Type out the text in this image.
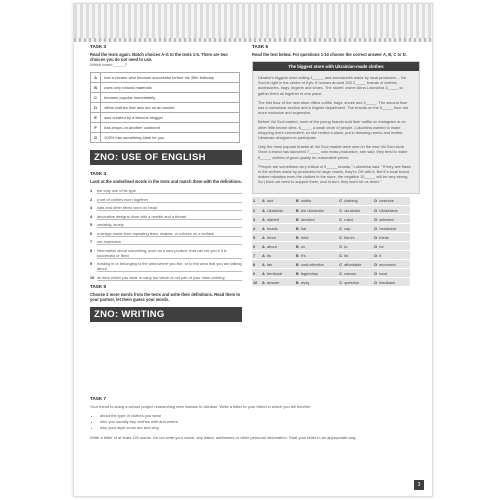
TASK 3
Read the texts again. Match choices A-G to the texts 1-5. There are two choices you do not need to use.
Which brand _____?
A	has a creator who became successful before his 30th birthday
B	uses only natural materials
C	became popular immediately
D	offers clothes that also act as an amulet
E	was created by a famous blogger
F	has shops on another continent
G	100% has something ideal for you
ZNO: USE OF ENGLISH
TASK 4
Look at the underlined words in the texts and match them with the definitions.
1	the only one of its type
2	a set of clothes worn together
3	hats and other items worn on head
4	decorative designs done with a needle and a thread
5	certainly, surely
6	a design made from repeating lines, shapes, or colours on a surface
7	not expensive
8	information about something, such as a new product, that can tell you if it is successful or liked
9	existing in or belonging to the area where you live, or to the area that you are talking about
10 an item which you wear or carry but which is not part of your main clothing
TASK 5
Choose 3 more words from the texts and write their definitions. Read them to your partner, let them guess your words.
ZNO: WRITING
TASK 6
Read the text below. For questions 1-10 choose the correct answer A, B, C or D.
The biggest store with Ukrainian-made clothes

Ukraine's biggest store selling 1_____ and accessories made by local producers – Vsi Svoi is right in the centre of Kyiv. It houses around 150 2_____ brands of clothes, accessories, bags, lingerie and shoes. The stores' owner Anna Lukovkina 3_____ to gather them all together in one place.

The first floor of the new store offers outfits, bags, shoes and 4_____. The second floor has a menswear section and a lingerie department. The brands on the 5_____ floor are more exclusive and expensive.

Before Vsi Svoi started, most of the young brands sold their outfits on Instagram or on other little-known sites. 6_____ a small circle of people. Lukovkina wanted to make shopping more convenient, so she rented a place, put in dressing rooms and invited Ukrainian designers to participate.

Only the most popular brands at Vsi Svoi market were seen in the new Vsi Svoi store. Once a brand has launched 7_____ own mass production, she said, they tend to make 8_____ clothes of good quality for reasonable prices.

"People are sometimes very critical of 9_____ brands," Lukovkina said. "If they see flaws in the clothes made by producers for large chains, they're OK with it. But if a local brand makes mistakes even the clothes in the store, the negative 10_____ will be very strong. So I think we need to support them, and in turn, they won't let us down."

1	A suit	B outfits	C clothing	D costume
2	A Ukrainian	B the Ukrainian	C ukrainian	D Ukrainians
3	A started	B decided	C ruled	D selected
4	A heads	B hat	C cap	D headwear
5	A three	B third	C third's	D thirds
6	A about	B on	C to	D for
7	A its	B it's	C its'	D it
8	A fair	B cost-effective	C affordable	D economic
9	A territorial	B legendary	C narrow	D local
10	A answer	B reply	C question	D feedback
TASK 7
Your friend is doing a school project researching teen fashion in Ukraine. Write a letter to your friend in which you tell him/her
• about the type of clothes you wear
• who you usually buy clothes with and where
• why your style icons are and why.
Write a letter of at least 120 words. Do not write your name, any dates, addresses or other personal information. Start your letter in an appropriate way.
3
